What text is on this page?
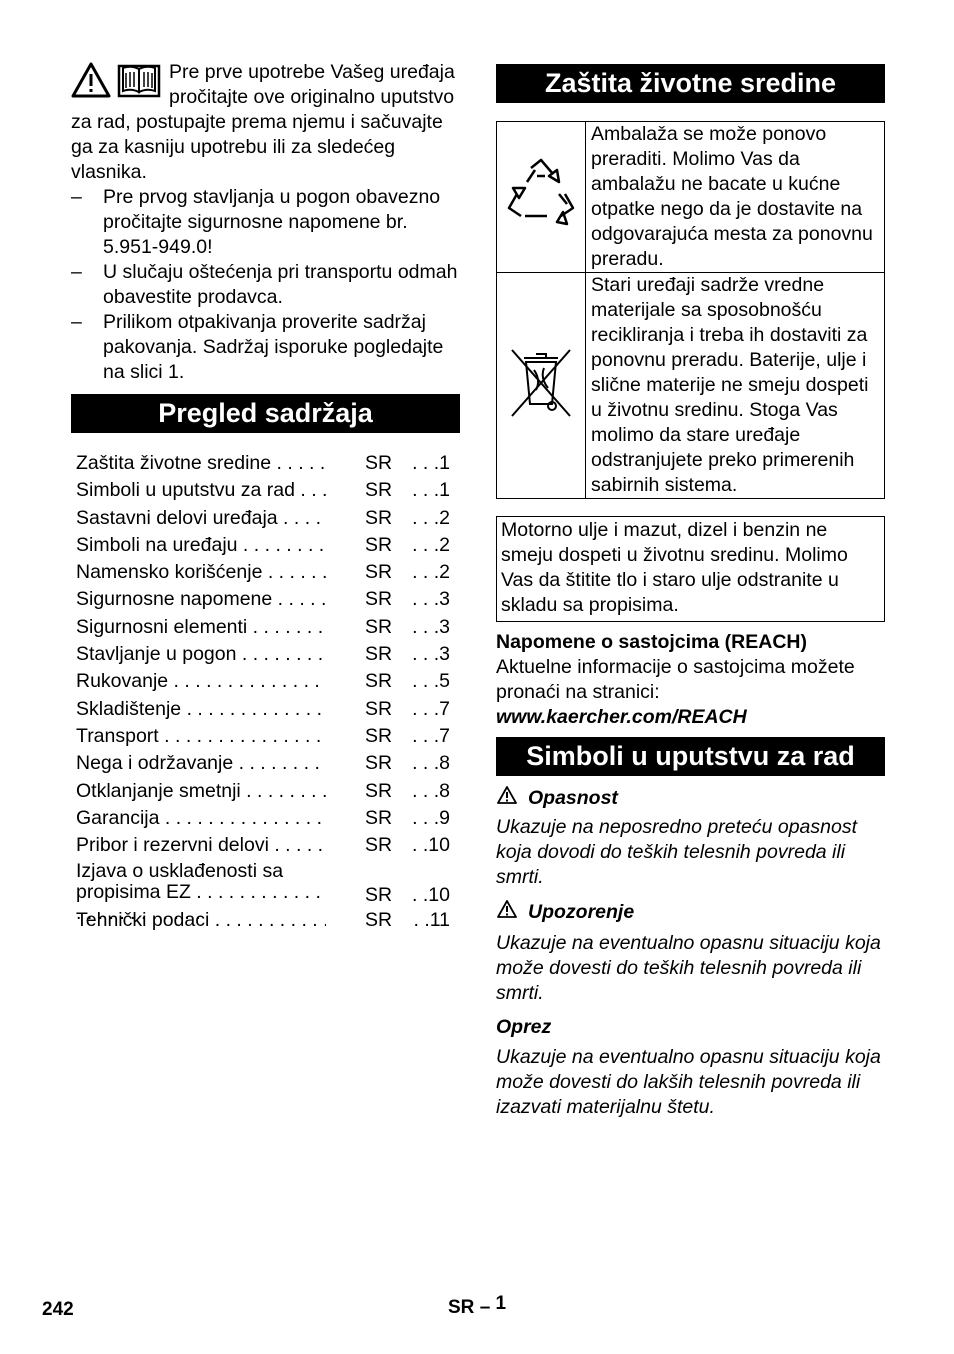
Pre prve upotrebe Vašeg uređaja pročitajte ove originalno uputstvo za rad, postupajte prema njemu i sačuvajte ga za kasniju upotrebu ili za sledećeg vlasnika.

– Pre prvog stavljanja u pogon obavezno pročitajte sigurnosne napomene br. 5.951-949.0!
– U slučaju oštećenja pri transportu odmah obavestite prodavca.
– Prilikom otpakivanja proverite sadržaj pakovanja. Sadržaj isporuke pogledajte na slici 1.
Pregled sadržaja
Zaštita životne sredine . . .	SR . . .1
Simboli u uputstvu za rad . . .	SR . . .1
Sastavni delovi uređaja . . .	SR . . .2
Simboli na uređaju . . .	SR . . .2
Namensko korišćenje . . .	SR . . .2
Sigurnosne napomene . . .	SR . . .3
Sigurnosni elementi . . .	SR . . .3
Stavljanje u pogon . . .	SR . . .3
Rukovanje . . .	SR . . .5
Skladištenje . . .	SR . . .7
Transport . . .	SR . . .7
Nega i održavanje . . .	SR . . .8
Otklanjanje smetnji . . .	SR . . .8
Garancija . . .	SR . . .9
Pribor i rezervni delovi . . .	SR . .10
Izjava o usklađenosti sa propisima EZ . . .	SR . .10
Tehnički podaci . . .	SR . .11
Zaštita životne sredine
	Ambalaža se može ponovo preraditi. Molimo Vas da ambalažu ne bacate u kućne otpatke nego da je dostavite na odgovarajuća mesta za ponovnu preradu.
	Stari uređaji sadrže vredne materijale sa sposobnošću recikliranja i treba ih dostaviti za ponovnu preradu. Baterije, ulje i slične materije ne smeju dospeti u životnu sredinu. Stoga Vas molimo da stare uređaje odstranjujete preko primerenih sabirnih sistema.
Motorno ulje i mazut, dizel i benzin ne smeju dospeti u životnu sredinu. Molimo Vas da štitite tlo i staro ulje odstranite u skladu sa propisima.
Napomene o sastojcima (REACH)
Aktuelne informacije o sastojcima možete pronaći na stranici:
www.kaercher.com/REACH
Simboli u uputstvu za rad
Opasnost
Ukazuje na neposredno preteću opasnost koja dovodi do teških telesnih povreda ili smrti.
Upozorenje
Ukazuje na eventualno opasnu situaciju koja može dovesti do teških telesnih povreda ili smrti.
Oprez
Ukazuje na eventualno opasnu situaciju koja može dovesti do lakših telesnih povreda ili izazvati materijalnu štetu.
242	SR – 1
